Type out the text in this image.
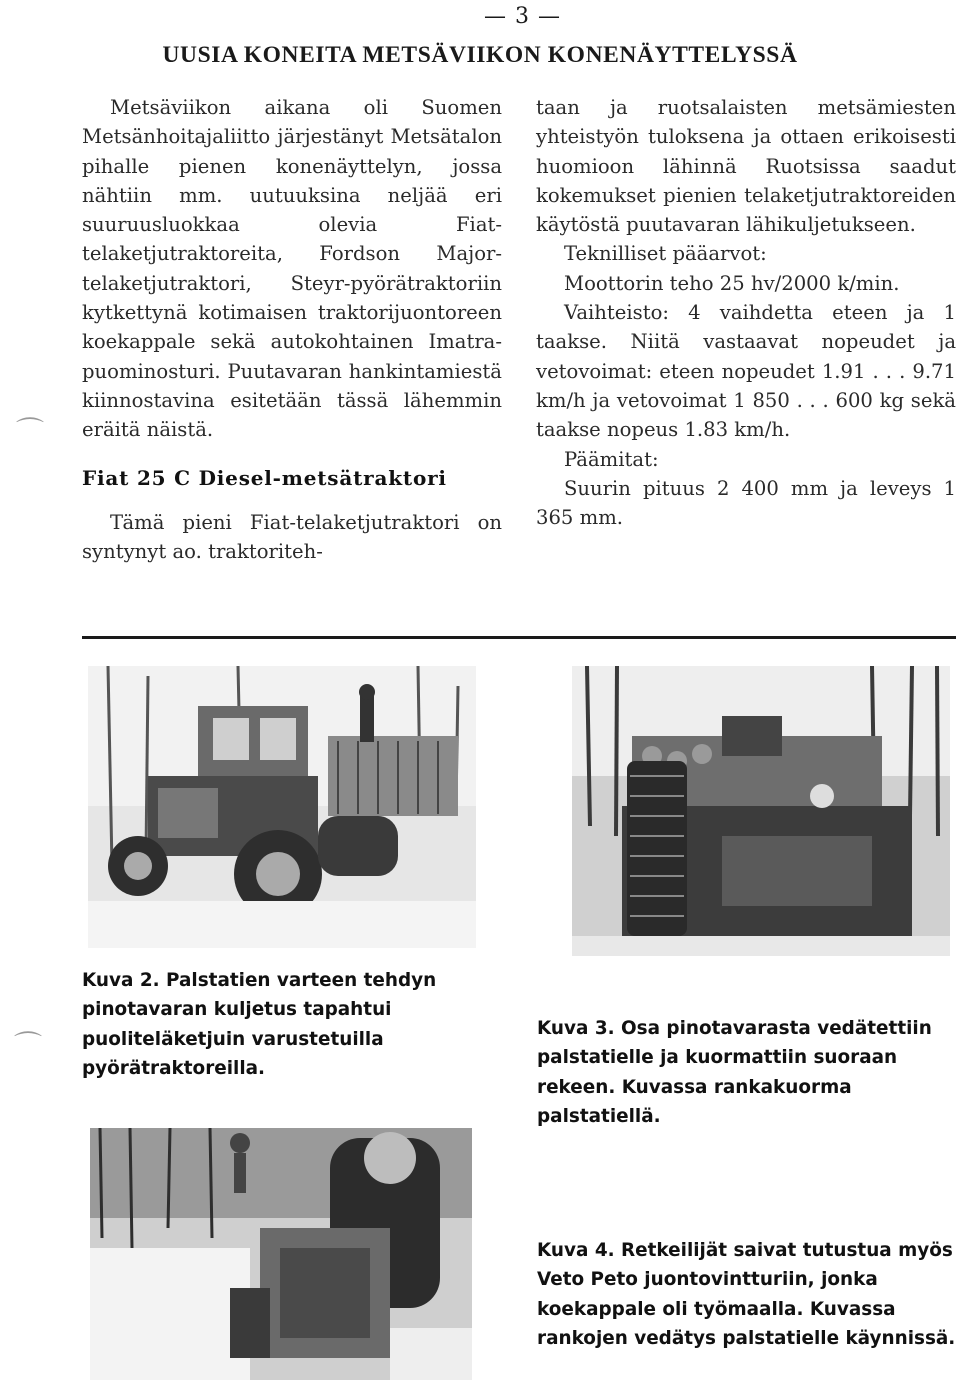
— 3 —
UUSIA KONEITA METSÄVIIKON KONENÄYTTELYSSÄ

Metsäviikon aikana oli Suomen Metsänhoitajaliitto järjestänyt Metsätalon pihalle pienen konenäyttelyn, jossa nähtiin mm. uutuuksina neljää eri suuruusluokkaa olevia Fiat-telaketjutraktoreita, Fordson Major-telaketjutraktori, Steyr-pyörätraktoriin kytkettynä kotimaisen traktorijuontoreen koekappale sekä autokohtainen Imatra-puominosturi. Puutavaran hankintamiestä kiinnostavina esitetään tässä lähemmin eräitä näistä.

Fiat 25 C Diesel-metsätraktori

Tämä pieni Fiat-telaketjutraktori on syntynyt ao. traktoriteh-

taan ja ruotsalaisten metsämiesten yhteistyön tuloksena ja ottaen erikoisesti huomioon lähinnä Ruotsissa saadut kokemukset pienien telaketjutraktoreiden käytöstä puutavaran lähikuljetukseen.

Teknilliset pääarvot:

Moottorin teho 25 hv/2000 k/min.

Vaihteisto: 4 vaihdetta eteen ja 1 taakse. Niitä vastaavat nopeudet ja vetovoimat: eteen nopeudet 1.91 . . . 9.71 km/h ja vetovoimat 1 850 . . . 600 kg sekä taakse nopeus 1.83 km/h.

Päämitat:

Suurin pituus 2 400 mm ja leveys 1 365 mm.

Kuva 2. Palstatien varteen tehdyn pinotavaran kuljetus tapahtui puoliteläketjuin varustetuilla pyörätraktoreilla.

Kuva 3. Osa pinotavarasta vedätettiin palstatielle ja kuormattiin suoraan rekeen. Kuvassa rankakuorma palstatiellä.

Kuva 4. Retkeilijät saivat tutustua myös Veto Peto juontovintturiin, jonka koekappale oli työmaalla. Kuvassa rankojen vedätys palstatielle käynnissä.

⌒
⌒
